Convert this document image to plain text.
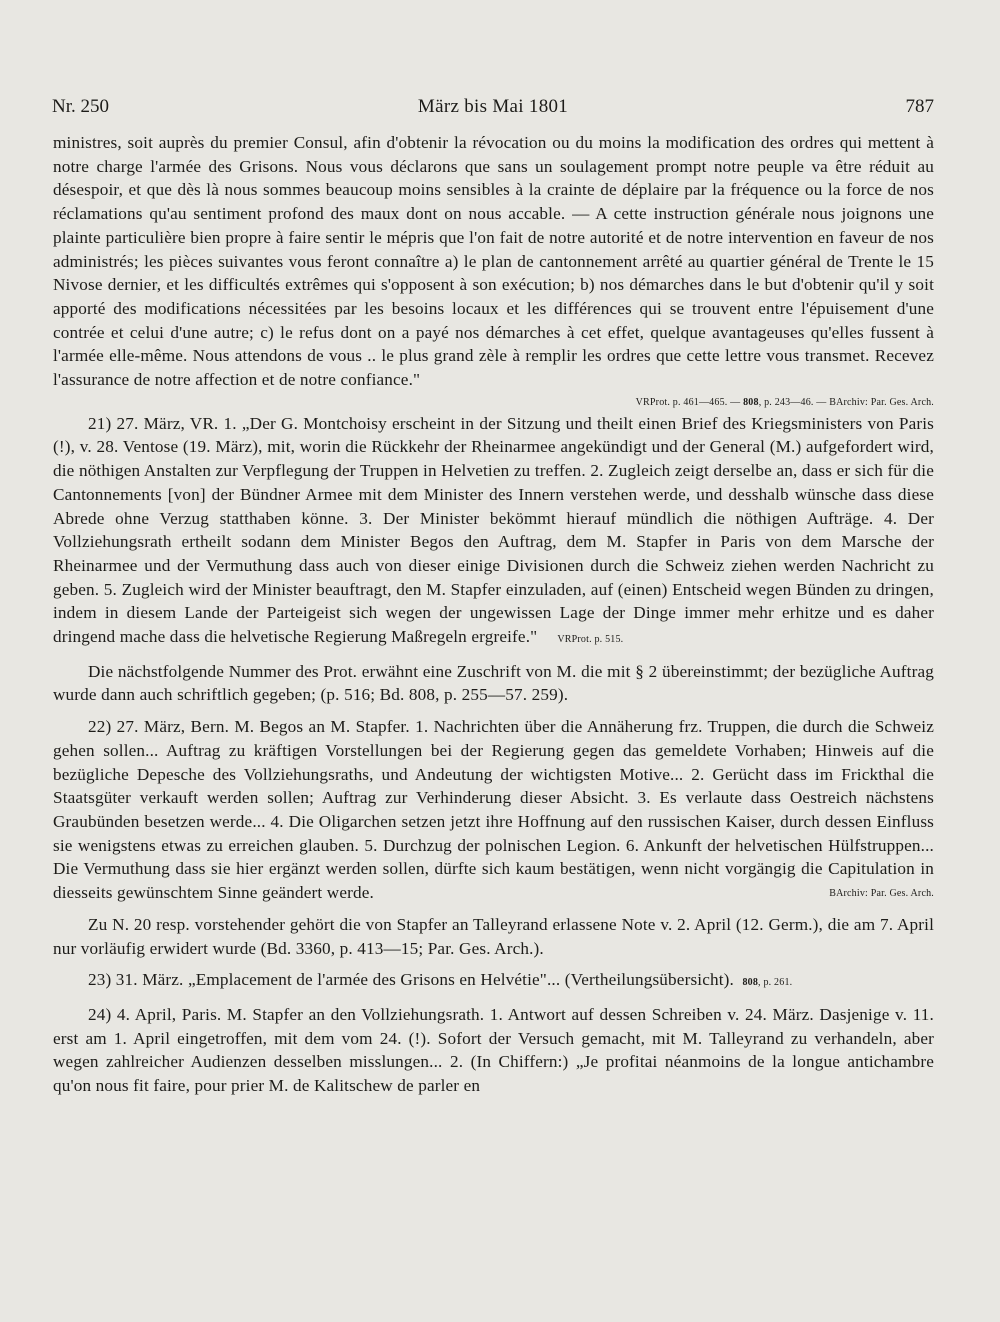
Nr. 250	März bis Mai 1801	787

ministres, soit auprès du premier Consul, afin d'obtenir la révocation ou du moins la modification des ordres qui mettent à notre charge l'armée des Grisons. Nous vous déclarons que sans un soulagement prompt notre peuple va être réduit au désespoir, et que dès là nous sommes beaucoup moins sensibles à la crainte de déplaire par la fréquence ou la force de nos réclamations qu'au sentiment profond des maux dont on nous accable. — A cette instruction générale nous joignons une plainte particulière bien propre à faire sentir le mépris que l'on fait de notre autorité et de notre intervention en faveur de nos administrés; les pièces suivantes vous feront connaître a) le plan de cantonnement arrêté au quartier général de Trente le 15 Nivose dernier, et les difficultés extrêmes qui s'opposent à son exécution; b) nos démarches dans le but d'obtenir qu'il y soit apporté des modifications nécessitées par les besoins locaux et les différences qui se trouvent entre l'épuisement d'une contrée et celui d'une autre; c) le refus dont on a payé nos démarches à cet effet, quelque avantageuses qu'elles fussent à l'armée elle-même. Nous attendons de vous .. le plus grand zèle à remplir les ordres que cette lettre vous transmet. Recevez l'assurance de notre affection et de notre confiance."

VRProt. p. 461—465. — 808, p. 243—46. — BArchiv: Par. Ges. Arch.

21) 27. März, VR. 1. „Der G. Montchoisy erscheint in der Sitzung und theilt einen Brief des Kriegsministers von Paris (!), v. 28. Ventose (19. März), mit, worin die Rückkehr der Rheinarmee angekündigt und der General (M.) aufgefordert wird, die nöthigen Anstalten zur Verpflegung der Truppen in Helvetien zu treffen. 2. Zugleich zeigt derselbe an, dass er sich für die Cantonnements [von] der Bündner Armee mit dem Minister des Innern verstehen werde, und desshalb wünsche dass diese Abrede ohne Verzug statthaben könne. 3. Der Minister bekömmt hierauf mündlich die nöthigen Aufträge. 4. Der Vollziehungsrath ertheilt sodann dem Minister Begos den Auftrag, dem M. Stapfer in Paris von dem Marsche der Rheinarmee und der Vermuthung dass auch von dieser einige Divisionen durch die Schweiz ziehen werden Nachricht zu geben. 5. Zugleich wird der Minister beauftragt, den M. Stapfer einzuladen, auf (einen) Entscheid wegen Bünden zu dringen, indem in diesem Lande der Parteigeist sich wegen der ungewissen Lage der Dinge immer mehr erhitze und es daher dringend mache dass die helvetische Regierung Maßregeln ergreife." VRProt. p. 515.

Die nächstfolgende Nummer des Prot. erwähnt eine Zuschrift von M. die mit § 2 übereinstimmt; der bezügliche Auftrag wurde dann auch schriftlich gegeben; (p. 516; Bd. 808, p. 255—57. 259).

22) 27. März, Bern. M. Begos an M. Stapfer. 1. Nachrichten über die Annäherung frz. Truppen, die durch die Schweiz gehen sollen... Auftrag zu kräftigen Vorstellungen bei der Regierung gegen das gemeldete Vorhaben; Hinweis auf die bezügliche Depesche des Vollziehungsraths, und Andeutung der wichtigsten Motive... 2. Gerücht dass im Frickthal die Staatsgüter verkauft werden sollen; Auftrag zur Verhinderung dieser Absicht. 3. Es verlaute dass Oestreich nächstens Graubünden besetzen werde... 4. Die Oligarchen setzen jetzt ihre Hoffnung auf den russischen Kaiser, durch dessen Einfluss sie wenigstens etwas zu erreichen glauben. 5. Durchzug der polnischen Legion. 6. Ankunft der helvetischen Hülfstruppen... Die Vermuthung dass sie hier ergänzt werden sollen, dürfte sich kaum bestätigen, wenn nicht vorgängig die Capitulation in diesseits gewünschtem Sinne geändert werde.	BArchiv: Par. Ges. Arch.

Zu N. 20 resp. vorstehender gehört die von Stapfer an Talleyrand erlassene Note v. 2. April (12. Germ.), die am 7. April nur vorläufig erwidert wurde (Bd. 3360, p. 413—15; Par. Ges. Arch.).

23) 31. März. „Emplacement de l'armée des Grisons en Helvétie"... (Vertheilungsübersicht). 808, p. 261.

24) 4. April, Paris. M. Stapfer an den Vollziehungsrath. 1. Antwort auf dessen Schreiben v. 24. März. Dasjenige v. 11. erst am 1. April eingetroffen, mit dem vom 24. (!). Sofort der Versuch gemacht, mit M. Talleyrand zu verhandeln, aber wegen zahlreicher Audienzen desselben misslungen... 2. (In Chiffern:) „Je profitai néanmoins de la longue antichambre qu'on nous fit faire, pour prier M. de Kalitschew de parler en
